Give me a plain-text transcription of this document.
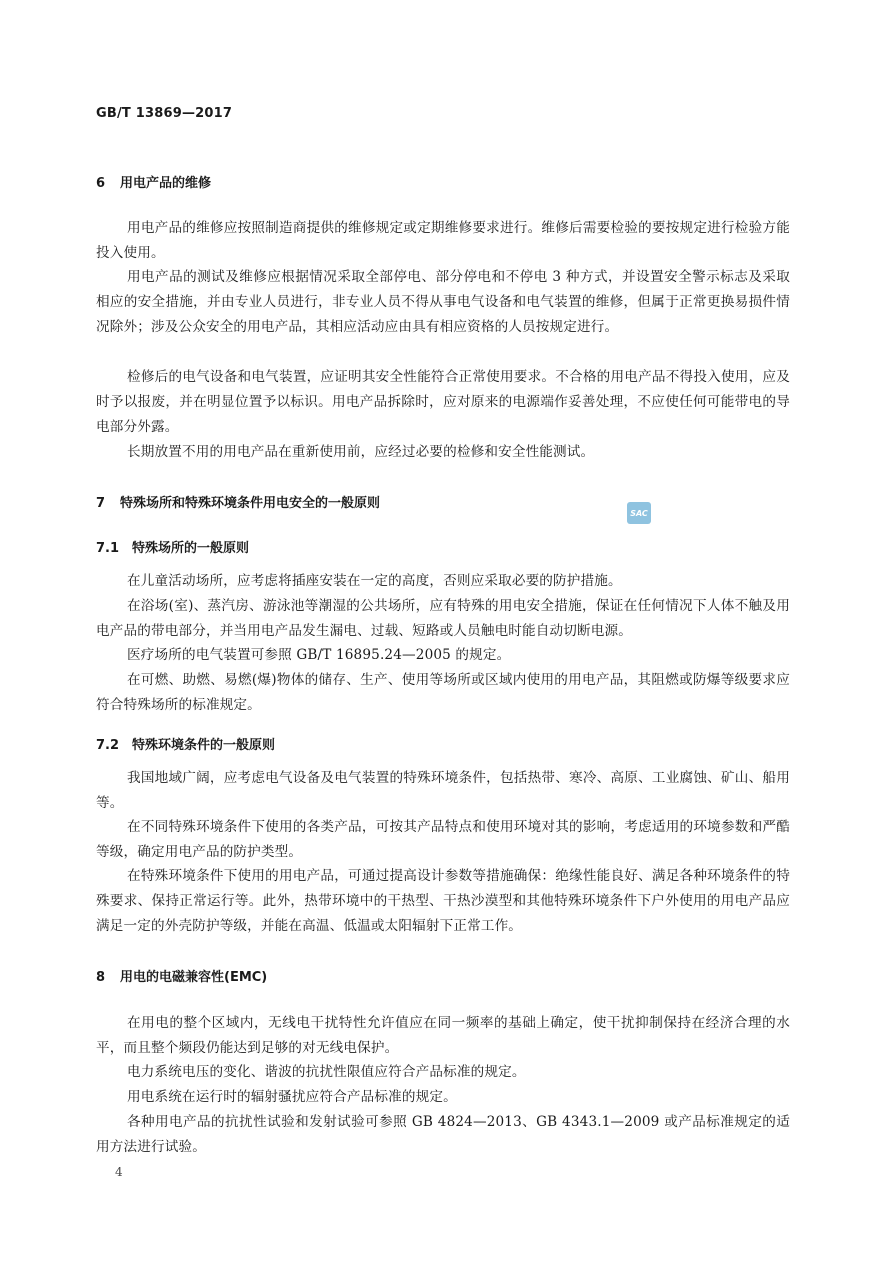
GB/T 13869—2017

6 用电产品的维修

用电产品的维修应按照制造商提供的维修规定或定期维修要求进行。维修后需要检验的要按规定进行检验方能投入使用。

用电产品的测试及维修应根据情况采取全部停电、部分停电和不停电 3 种方式，并设置安全警示标志及采取相应的安全措施，并由专业人员进行，非专业人员不得从事电气设备和电气装置的维修，但属于正常更换易损件情况除外；涉及公众安全的用电产品，其相应活动应由具有相应资格的人员按规定进行。

检修后的电气设备和电气装置，应证明其安全性能符合正常使用要求。不合格的用电产品不得投入使用，应及时予以报废，并在明显位置予以标识。用电产品拆除时，应对原来的电源端作妥善处理，不应使任何可能带电的导电部分外露。

长期放置不用的用电产品在重新使用前，应经过必要的检修和安全性能测试。

7 特殊场所和特殊环境条件用电安全的一般原则
SAC
7.1 特殊场所的一般原则

在儿童活动场所，应考虑将插座安装在一定的高度，否则应采取必要的防护措施。

在浴场(室)、蒸汽房、游泳池等潮湿的公共场所，应有特殊的用电安全措施，保证在任何情况下人体不触及用电产品的带电部分，并当用电产品发生漏电、过载、短路或人员触电时能自动切断电源。

医疗场所的电气装置可参照 GB/T 16895.24—2005 的规定。

在可燃、助燃、易燃(爆)物体的储存、生产、使用等场所或区域内使用的用电产品，其阻燃或防爆等级要求应符合特殊场所的标准规定。

7.2 特殊环境条件的一般原则

我国地域广阔，应考虑电气设备及电气装置的特殊环境条件，包括热带、寒冷、高原、工业腐蚀、矿山、船用等。

在不同特殊环境条件下使用的各类产品，可按其产品特点和使用环境对其的影响，考虑适用的环境参数和严酷等级，确定用电产品的防护类型。

在特殊环境条件下使用的用电产品，可通过提高设计参数等措施确保：绝缘性能良好、满足各种环境条件的特殊要求、保持正常运行等。此外，热带环境中的干热型、干热沙漠型和其他特殊环境条件下户外使用的用电产品应满足一定的外壳防护等级，并能在高温、低温或太阳辐射下正常工作。

8 用电的电磁兼容性(EMC)

在用电的整个区域内，无线电干扰特性允许值应在同一频率的基础上确定，使干扰抑制保持在经济合理的水平，而且整个频段仍能达到足够的对无线电保护。

电力系统电压的变化、谐波的抗扰性限值应符合产品标准的规定。

用电系统在运行时的辐射骚扰应符合产品标准的规定。

各种用电产品的抗扰性试验和发射试验可参照 GB 4824—2013、GB 4343.1—2009 或产品标准规定的适用方法进行试验。

4
